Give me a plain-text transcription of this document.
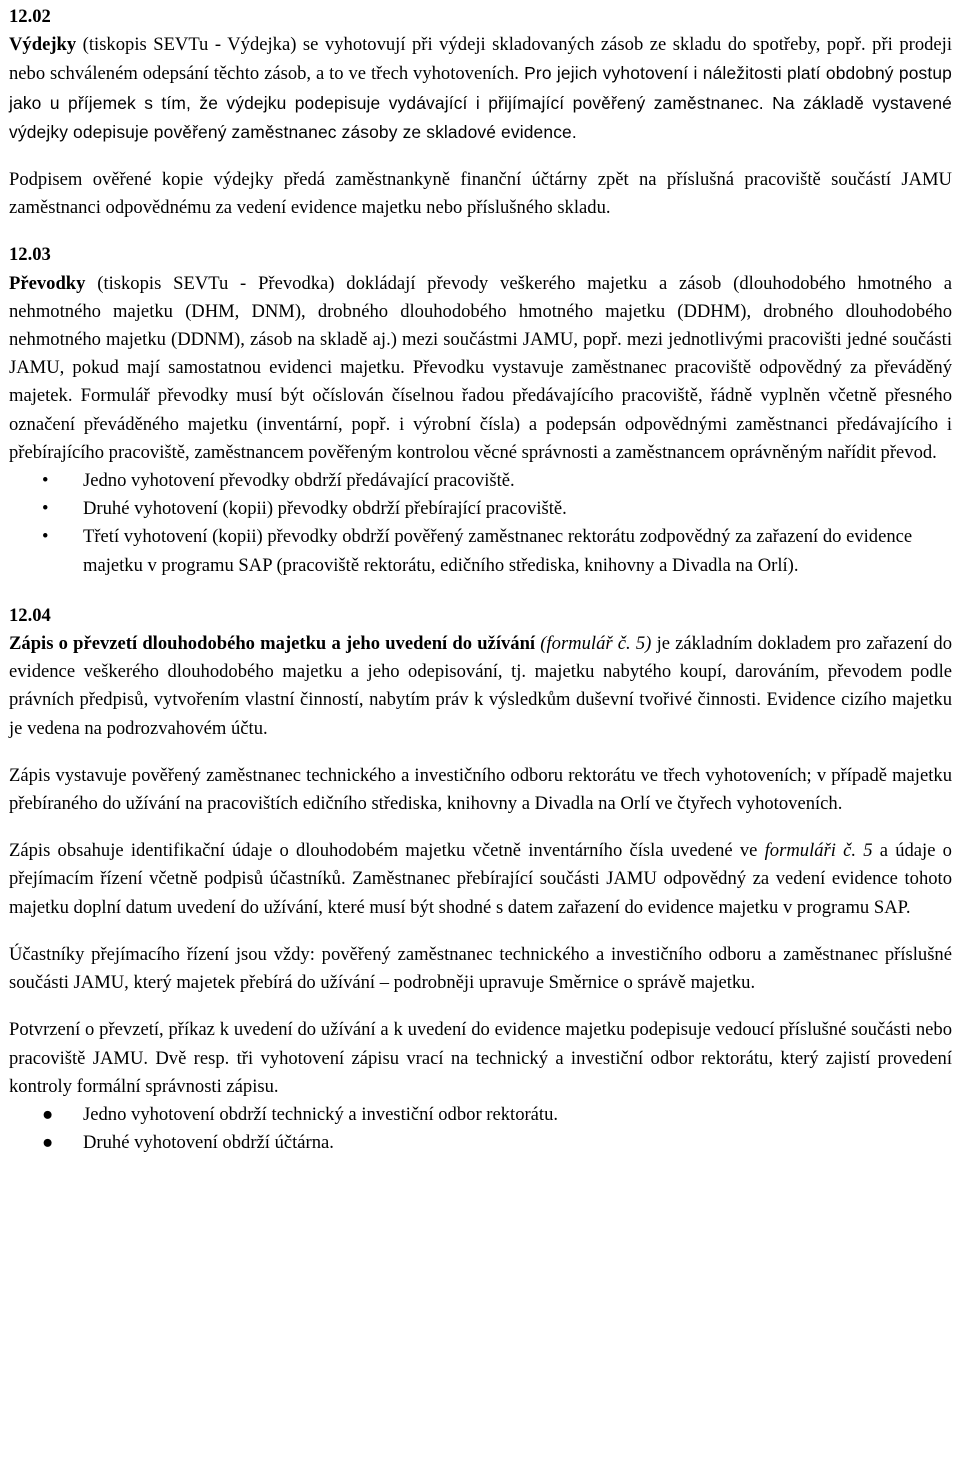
12.02

Výdejky (tiskopis SEVTu - Výdejka) se vyhotovují při výdeji skladovaných zásob ze skladu do spotřeby, popř. při prodeji nebo schváleném odepsání těchto zásob, a to ve třech vyhotoveních. Pro jejich vyhotovení i náležitosti platí obdobný postup jako u příjemek s tím, že výdejku podepisuje vydávající i přijímající pověřený zaměstnanec. Na základě vystavené výdejky odepisuje pověřený zaměstnanec zásoby ze skladové evidence.

Podpisem ověřené kopie výdejky předá zaměstnankyně finanční účtárny zpět na příslušná pracoviště součástí JAMU zaměstnanci odpovědnému za vedení evidence majetku nebo příslušného skladu.

12.03

Převodky (tiskopis SEVTu - Převodka) dokládají převody veškerého majetku a zásob (dlouhodobého hmotného a nehmotného majetku (DHM, DNM), drobného dlouhodobého hmotného majetku (DDHM), drobného dlouhodobého nehmotného majetku (DDNM), zásob na skladě aj.) mezi součástmi JAMU, popř. mezi jednotlivými pracovišti jedné součásti JAMU, pokud mají samostatnou evidenci majetku. Převodku vystavuje zaměstnanec pracoviště odpovědný za převáděný majetek. Formulář převodky musí být očíslován číselnou řadou předávajícího pracoviště, řádně vyplněn včetně přesného označení převáděného majetku (inventární, popř. i výrobní čísla) a podepsán odpovědnými zaměstnanci předávajícího i přebírajícího pracoviště, zaměstnancem pověřeným kontrolou věcné správnosti a zaměstnancem oprávněným nařídit převod.

• Jedno vyhotovení převodky obdrží předávající pracoviště.
• Druhé vyhotovení (kopii) převodky obdrží přebírající pracoviště.
• Třetí vyhotovení (kopii) převodky obdrží pověřený zaměstnanec rektorátu zodpovědný za zařazení do evidence majetku v programu SAP (pracoviště rektorátu, edičního střediska, knihovny a Divadla na Orlí).
12.04

Zápis o převzetí dlouhodobého majetku a jeho uvedení do užívání (formulář č. 5) je základním dokladem pro zařazení do evidence veškerého dlouhodobého majetku a jeho odepisování, tj. majetku nabytého koupí, darováním, převodem podle právních předpisů, vytvořením vlastní činností, nabytím práv k výsledkům duševní tvořivé činnosti. Evidence cizího majetku je vedena na podrozvahovém účtu.

Zápis vystavuje pověřený zaměstnanec technického a investičního odboru rektorátu ve třech vyhotoveních; v případě majetku přebíraného do užívání na pracovištích edičního střediska, knihovny a Divadla na Orlí ve čtyřech vyhotoveních.

Zápis obsahuje identifikační údaje o dlouhodobém majetku včetně inventárního čísla uvedené ve formuláři č. 5 a údaje o přejímacím řízení včetně podpisů účastníků. Zaměstnanec přebírající součásti JAMU odpovědný za vedení evidence tohoto majetku doplní datum uvedení do užívání, které musí být shodné s datem zařazení do evidence majetku v programu SAP.

Účastníky přejímacího řízení jsou vždy: pověřený zaměstnanec technického a investičního odboru a zaměstnanec příslušné součásti JAMU, který majetek přebírá do užívání – podrobněji upravuje Směrnice o správě majetku.

Potvrzení o převzetí, příkaz k uvedení do užívání a k uvedení do evidence majetku podepisuje vedoucí příslušné součásti nebo pracoviště JAMU. Dvě resp. tři vyhotovení zápisu vrací na technický a investiční odbor rektorátu, který zajistí provedení kontroly formální správnosti zápisu.

● Jedno vyhotovení obdrží technický a investiční odbor rektorátu.
● Druhé vyhotovení obdrží účtárna.
